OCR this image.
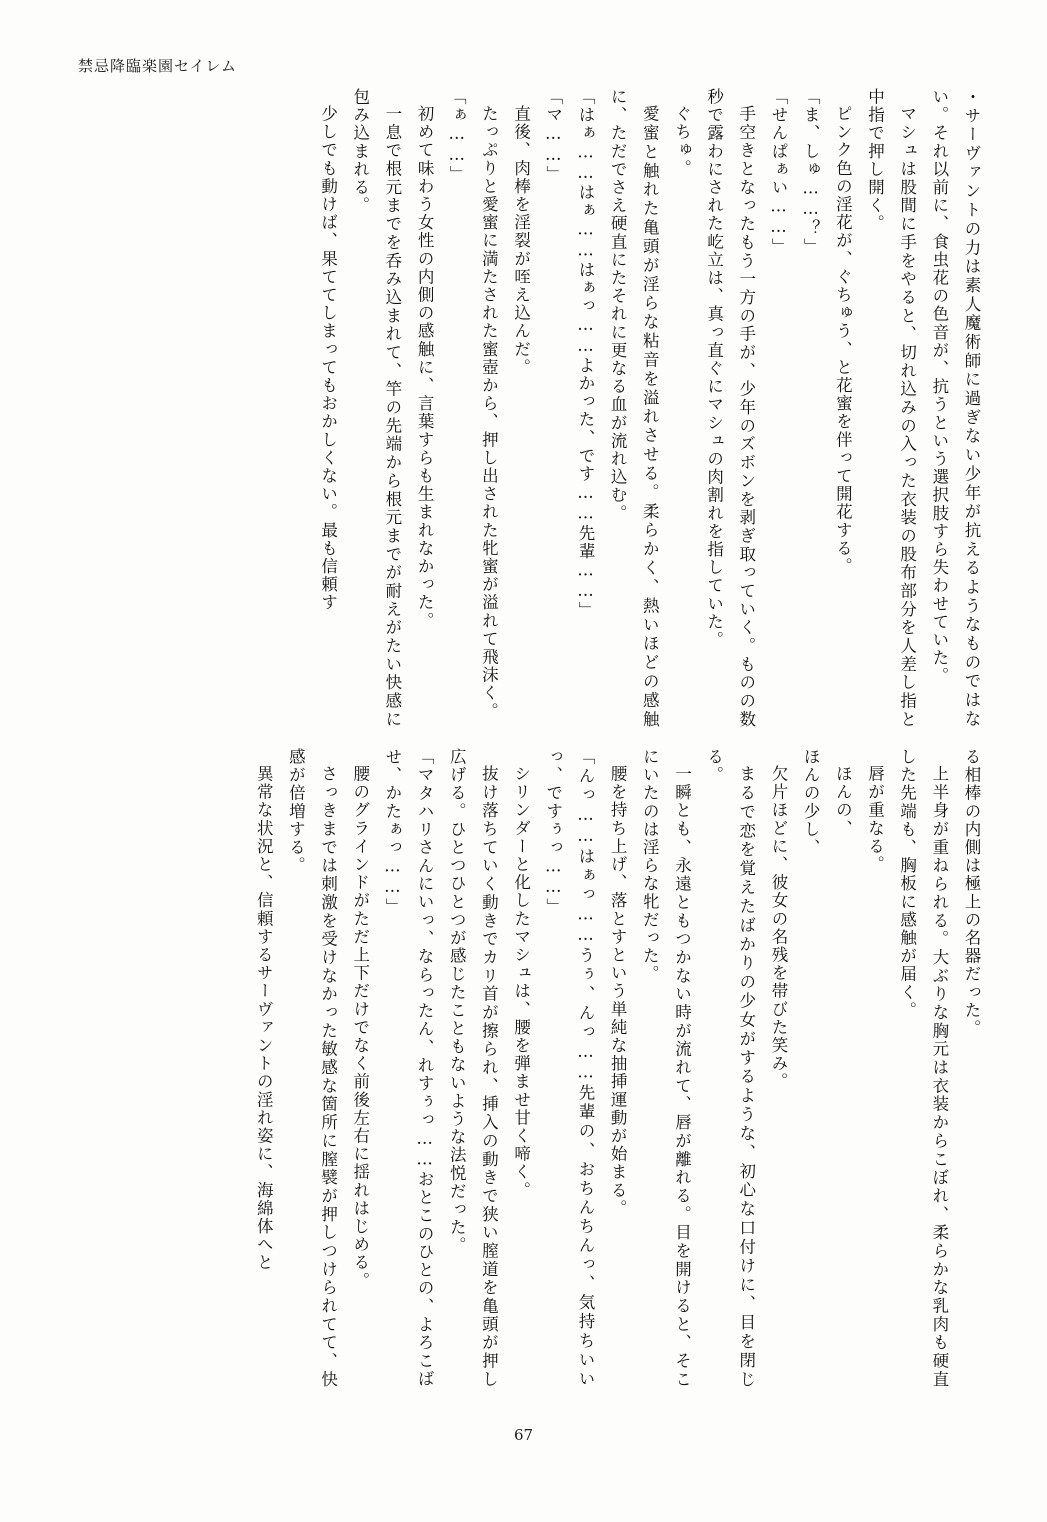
禁忌降臨楽園セイレム

・サーヴァントの力は素人魔術師に過ぎない少年が抗えるようなものではない。それ以前に、食虫花の色音が、抗うという選択肢すら失わせていた。

マシュは股間に手をやると、切れ込みの入った衣装の股布部分を人差し指と中指で押し開く。

ピンク色の淫花が、ぐちゅう、と花蜜を伴って開花する。

「ま、しゅ……？」

「せんぱぁい……」

手空きとなったもう一方の手が、少年のズボンを剥ぎ取っていく。ものの数秒で露わにされた屹立は、真っ直ぐにマシュの肉割れを指していた。

ぐちゅ。

愛蜜と触れた亀頭が淫らな粘音を溢れさせる。柔らかく、熱いほどの感触に、ただでさえ硬直にたそれに更なる血が流れ込む。

「はぁ……はぁ……はぁっ……よかった、です……先輩……」

「マ……」

直後、肉棒を淫裂が咥え込んだ。

たっぷりと愛蜜に満たされた蜜壺から、押し出された牝蜜が溢れて飛沫く。

「ぁ……」

初めて味わう女性の内側の感触に、言葉すらも生まれなかった。

一息で根元までを呑み込まれて、竿の先端から根元までが耐えがたい快感に包み込まれる。

少しでも動けば、果ててしまってもおかしくない。最も信頼す

る相棒の内側は極上の名器だった。

上半身が重ねられる。大ぶりな胸元は衣装からこぼれ、柔らかな乳肉も硬直した先端も、胸板に感触が届く。

唇が重なる。

ほんの、

ほんの少し、

欠片ほどに、彼女の名残を帯びた笑み。

まるで恋を覚えたばかりの少女がするような、初心な口付けに、目を閉じる。

一瞬とも、永遠ともつかない時が流れて、唇が離れる。目を開けると、そこにいたのは淫らな牝だった。

腰を持ち上げ、落とすという単純な抽挿運動が始まる。

「んっ……はぁっ……うぅ、んっ……先輩の、おちんちんっ、気持ちいいっ、ですぅっ……」

シリンダーと化したマシュは、腰を弾ませ甘く啼く。

抜け落ちていく動きでカリ首が擦られ、挿入の動きで狭い膣道を亀頭が押し広げる。ひとつひとつが感じたこともないような法悦だった。

「マタハリさんにいっ、ならったん、れすぅっ……おとこのひとの、よろこばせ、かたぁっ……」

腰のグラインドがただ上下だけでなく前後左右に揺れはじめる。

さっきまでは刺激を受けなかった敏感な箇所に膣襞が押しつけられてて、快感が倍増する。

異常な状況と、信頼するサーヴァントの淫れ姿に、海綿体へと

67
